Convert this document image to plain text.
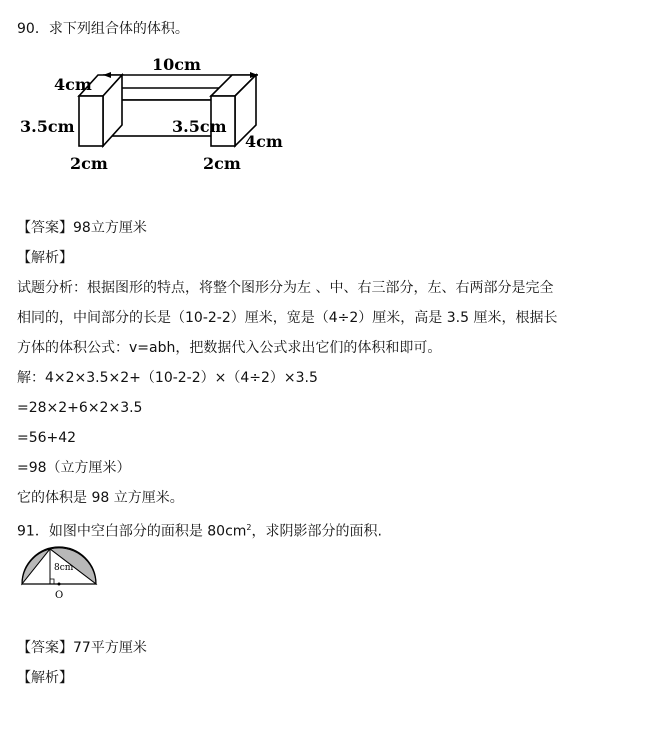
90．求下列组合体的体积。
10cm
4cm
3.5cm	3.5cm
4cm
2cm	2cm
【答案】98立方厘米
【解析】
试题分析：根据图形的特点，将整个图形分为左 、中、右三部分，左、右两部分是完全
相同的，中间部分的长是（10-2-2）厘米，宽是（4÷2）厘米，高是 3.5 厘米，根据长
方体的体积公式：v=abh，把数据代入公式求出它们的体积和即可。
解：4×2×3.5×2+（10-2-2）×（4÷2）×3.5
=28×2+6×2×3.5
=56+42
=98（立方厘米）
它的体积是 98 立方厘米。
91．如图中空白部分的面积是 $80cm^2$，求阴影部分的面积.
8cm
O
【答案】77平方厘米
【解析】
